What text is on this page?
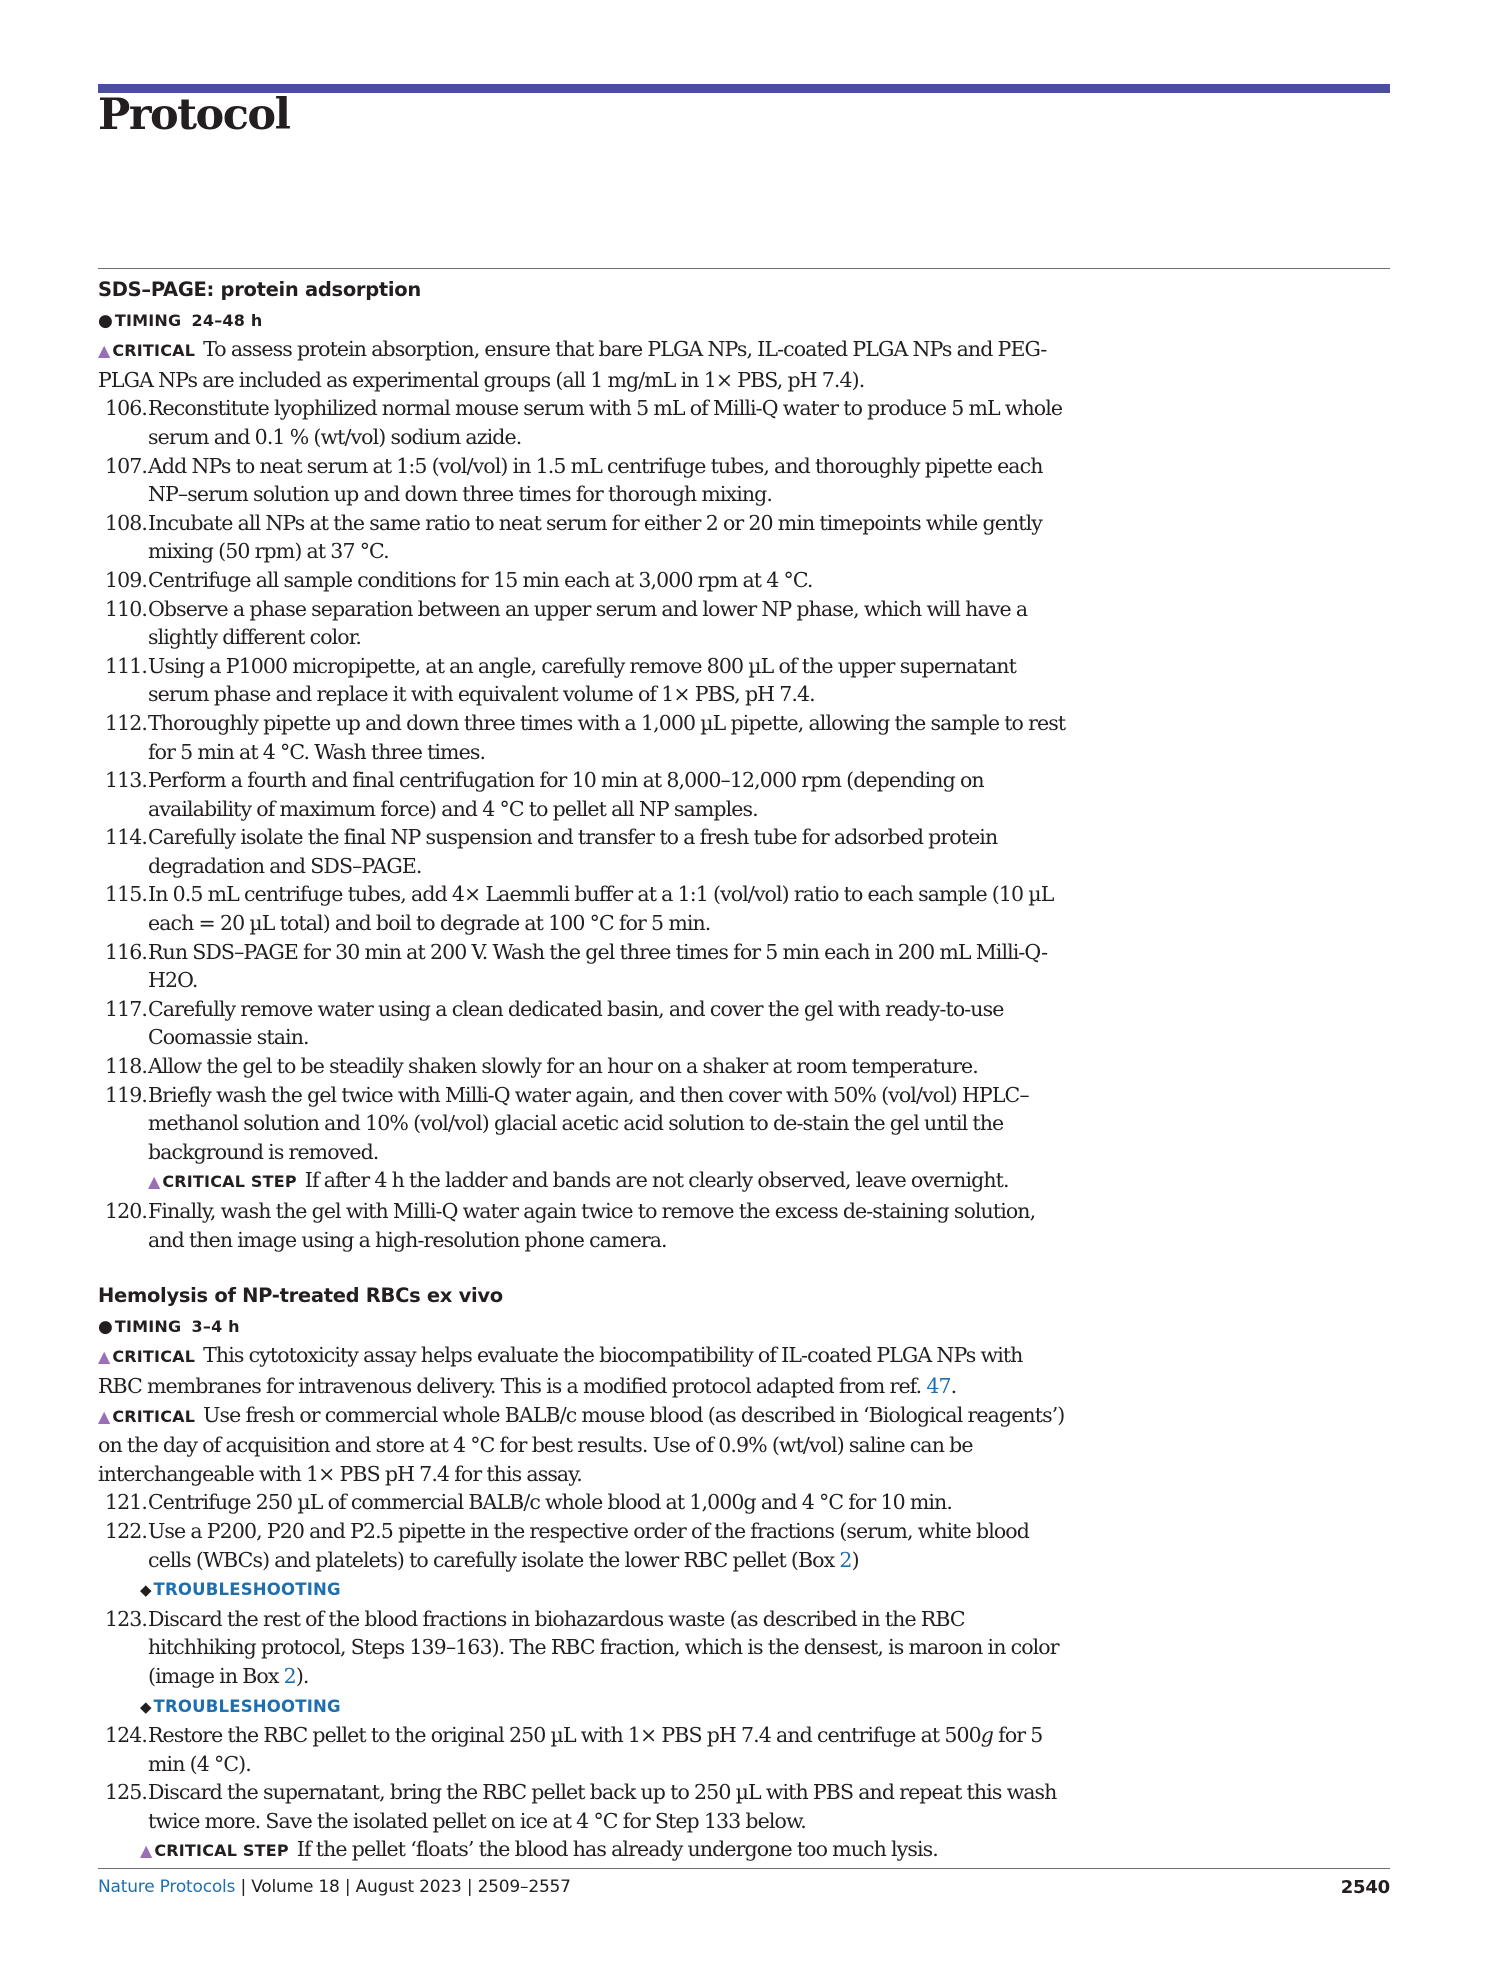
Protocol
SDS–PAGE: protein adsorption
● TIMING 24–48 h
▲ CRITICAL To assess protein absorption, ensure that bare PLGA NPs, IL-coated PLGA NPs and PEG-PLGA NPs are included as experimental groups (all 1 mg/mL in 1× PBS, pH 7.4).
106. Reconstitute lyophilized normal mouse serum with 5 mL of Milli-Q water to produce 5 mL whole serum and 0.1 % (wt/vol) sodium azide.
107. Add NPs to neat serum at 1:5 (vol/vol) in 1.5 mL centrifuge tubes, and thoroughly pipette each NP–serum solution up and down three times for thorough mixing.
108. Incubate all NPs at the same ratio to neat serum for either 2 or 20 min timepoints while gently mixing (50 rpm) at 37 °C.
109. Centrifuge all sample conditions for 15 min each at 3,000 rpm at 4 °C.
110. Observe a phase separation between an upper serum and lower NP phase, which will have a slightly different color.
111. Using a P1000 micropipette, at an angle, carefully remove 800 µL of the upper supernatant serum phase and replace it with equivalent volume of 1× PBS, pH 7.4.
112. Thoroughly pipette up and down three times with a 1,000 µL pipette, allowing the sample to rest for 5 min at 4 °C. Wash three times.
113. Perform a fourth and final centrifugation for 10 min at 8,000–12,000 rpm (depending on availability of maximum force) and 4 °C to pellet all NP samples.
114. Carefully isolate the final NP suspension and transfer to a fresh tube for adsorbed protein degradation and SDS–PAGE.
115. In 0.5 mL centrifuge tubes, add 4× Laemmli buffer at a 1:1 (vol/vol) ratio to each sample (10 µL each = 20 µL total) and boil to degrade at 100 °C for 5 min.
116. Run SDS–PAGE for 30 min at 200 V. Wash the gel three times for 5 min each in 200 mL Milli-Q-H2O.
117. Carefully remove water using a clean dedicated basin, and cover the gel with ready-to-use Coomassie stain.
118. Allow the gel to be steadily shaken slowly for an hour on a shaker at room temperature.
119. Briefly wash the gel twice with Milli-Q water again, and then cover with 50% (vol/vol) HPLC–methanol solution and 10% (vol/vol) glacial acetic acid solution to de-stain the gel until the background is removed.
▲ CRITICAL STEP If after 4 h the ladder and bands are not clearly observed, leave overnight.
120. Finally, wash the gel with Milli-Q water again twice to remove the excess de-staining solution, and then image using a high-resolution phone camera.
Hemolysis of NP-treated RBCs ex vivo
● TIMING 3–4 h
▲ CRITICAL This cytotoxicity assay helps evaluate the biocompatibility of IL-coated PLGA NPs with RBC membranes for intravenous delivery. This is a modified protocol adapted from ref. 47.
▲ CRITICAL Use fresh or commercial whole BALB/c mouse blood (as described in ‘Biological reagents’) on the day of acquisition and store at 4 °C for best results. Use of 0.9% (wt/vol) saline can be interchangeable with 1× PBS pH 7.4 for this assay.
121. Centrifuge 250 µL of commercial BALB/c whole blood at 1,000g and 4 °C for 10 min.
122. Use a P200, P20 and P2.5 pipette in the respective order of the fractions (serum, white blood cells (WBCs) and platelets) to carefully isolate the lower RBC pellet (Box 2)
◆ TROUBLESHOOTING
123. Discard the rest of the blood fractions in biohazardous waste (as described in the RBC hitchhiking protocol, Steps 139–163). The RBC fraction, which is the densest, is maroon in color (image in Box 2).
◆ TROUBLESHOOTING
124. Restore the RBC pellet to the original 250 µL with 1× PBS pH 7.4 and centrifuge at 500g for 5 min (4 °C).
125. Discard the supernatant, bring the RBC pellet back up to 250 µL with PBS and repeat this wash twice more. Save the isolated pellet on ice at 4 °C for Step 133 below.
▲ CRITICAL STEP If the pellet ‘floats’ the blood has already undergone too much lysis.
Nature Protocols | Volume 18 | August 2023 | 2509–2557	2540
